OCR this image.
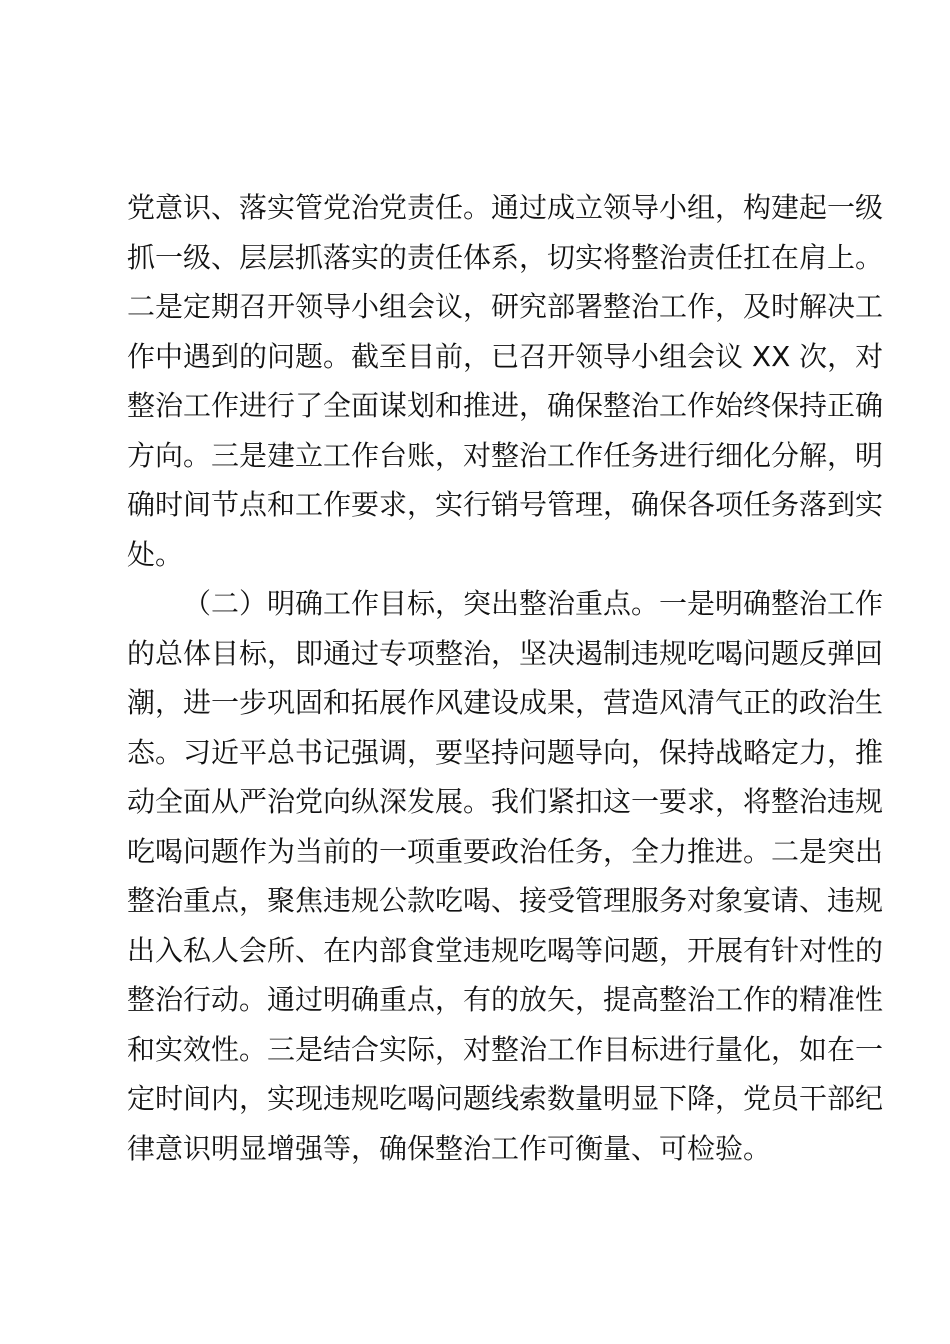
党意识、落实管党治党责任。通过成立领导小组，构建起一级
抓一级、层层抓落实的责任体系，切实将整治责任扛在肩上。
二是定期召开领导小组会议，研究部署整治工作，及时解决工
作中遇到的问题。截至目前，已召开领导小组会议 XX 次，对
整治工作进行了全面谋划和推进，确保整治工作始终保持正确
方向。三是建立工作台账，对整治工作任务进行细化分解，明
确时间节点和工作要求，实行销号管理，确保各项任务落到实
处。
（二）明确工作目标，突出整治重点。一是明确整治工作
的总体目标，即通过专项整治，坚决遏制违规吃喝问题反弹回
潮，进一步巩固和拓展作风建设成果，营造风清气正的政治生
态。习近平总书记强调，要坚持问题导向，保持战略定力，推
动全面从严治党向纵深发展。我们紧扣这一要求，将整治违规
吃喝问题作为当前的一项重要政治任务，全力推进。二是突出
整治重点，聚焦违规公款吃喝、接受管理服务对象宴请、违规
出入私人会所、在内部食堂违规吃喝等问题，开展有针对性的
整治行动。通过明确重点，有的放矢，提高整治工作的精准性
和实效性。三是结合实际，对整治工作目标进行量化，如在一
定时间内，实现违规吃喝问题线索数量明显下降，党员干部纪
律意识明显增强等，确保整治工作可衡量、可检验。
